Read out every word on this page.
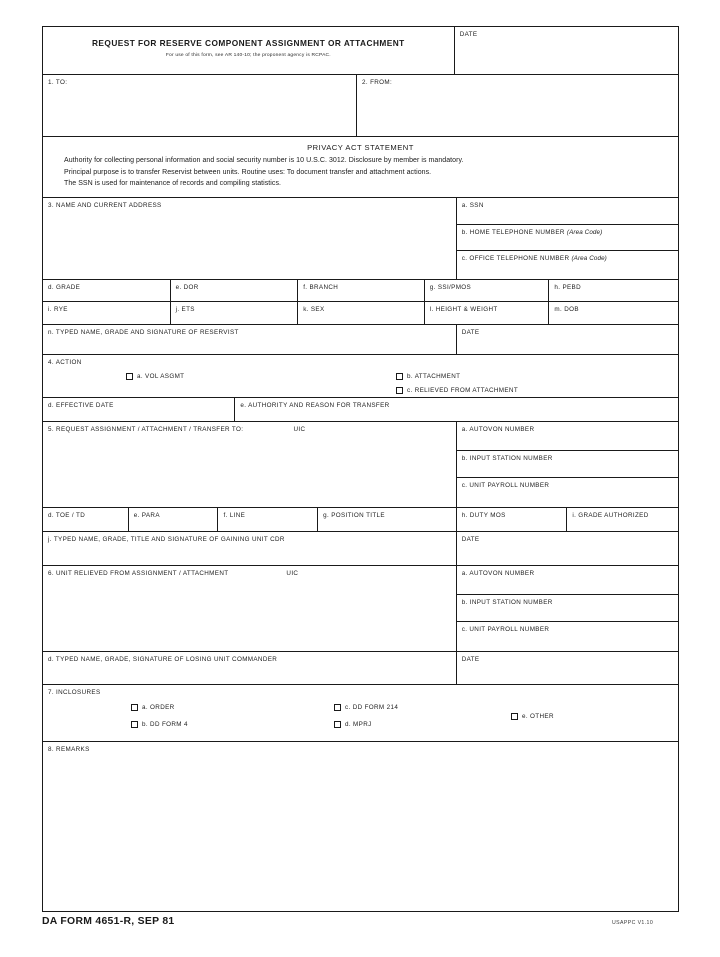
REQUEST FOR RESERVE COMPONENT ASSIGNMENT OR ATTACHMENT
For use of this form, see AR 140-10; the proponent agency is RCPAC.
DATE
1. TO:	2. FROM:
PRIVACY ACT STATEMENT
Authority for collecting personal information and social security number is 10 U.S.C. 3012. Disclosure by member is mandatory.
Principal purpose is to transfer Reservist between units. Routine uses: To document transfer and attachment actions.
The SSN is used for maintenance of records and compiling statistics.
3. NAME AND CURRENT ADDRESS	a. SSN
b. HOME TELEPHONE NUMBER (Area Code)
c. OFFICE TELEPHONE NUMBER (Area Code)
d. GRADE	e. DOR	f. BRANCH	g. SSI/PMOS	h. PEBD
i. RYE	j. ETS	k. SEX	l. HEIGHT & WEIGHT	m. DOB
n. TYPED NAME, GRADE AND SIGNATURE OF RESERVIST	DATE
4. ACTION
a. VOL ASGMT	b. ATTACHMENT
c. RELIEVED FROM ATTACHMENT
d. EFFECTIVE DATE	e. AUTHORITY AND REASON FOR TRANSFER
5. REQUEST ASSIGNMENT / ATTACHMENT / TRANSFER TO:	UIC	a. AUTOVON NUMBER
b. INPUT STATION NUMBER
c. UNIT PAYROLL NUMBER
d. TOE / TD	e. PARA	f. LINE	g. POSITION TITLE	h. DUTY MOS	i. GRADE AUTHORIZED
j. TYPED NAME, GRADE, TITLE AND SIGNATURE OF GAINING UNIT CDR	DATE
6. UNIT RELIEVED FROM ASSIGNMENT / ATTACHMENT	UIC	a. AUTOVON NUMBER
b. INPUT STATION NUMBER
c. UNIT PAYROLL NUMBER
d. TYPED NAME, GRADE, SIGNATURE OF LOSING UNIT COMMANDER	DATE
7. INCLOSURES
a. ORDER
b. DD FORM 4
c. DD FORM 214
d. MPRJ
e. OTHER
8. REMARKS
DA FORM 4651-R, SEP 81	USAPPC V1.10
